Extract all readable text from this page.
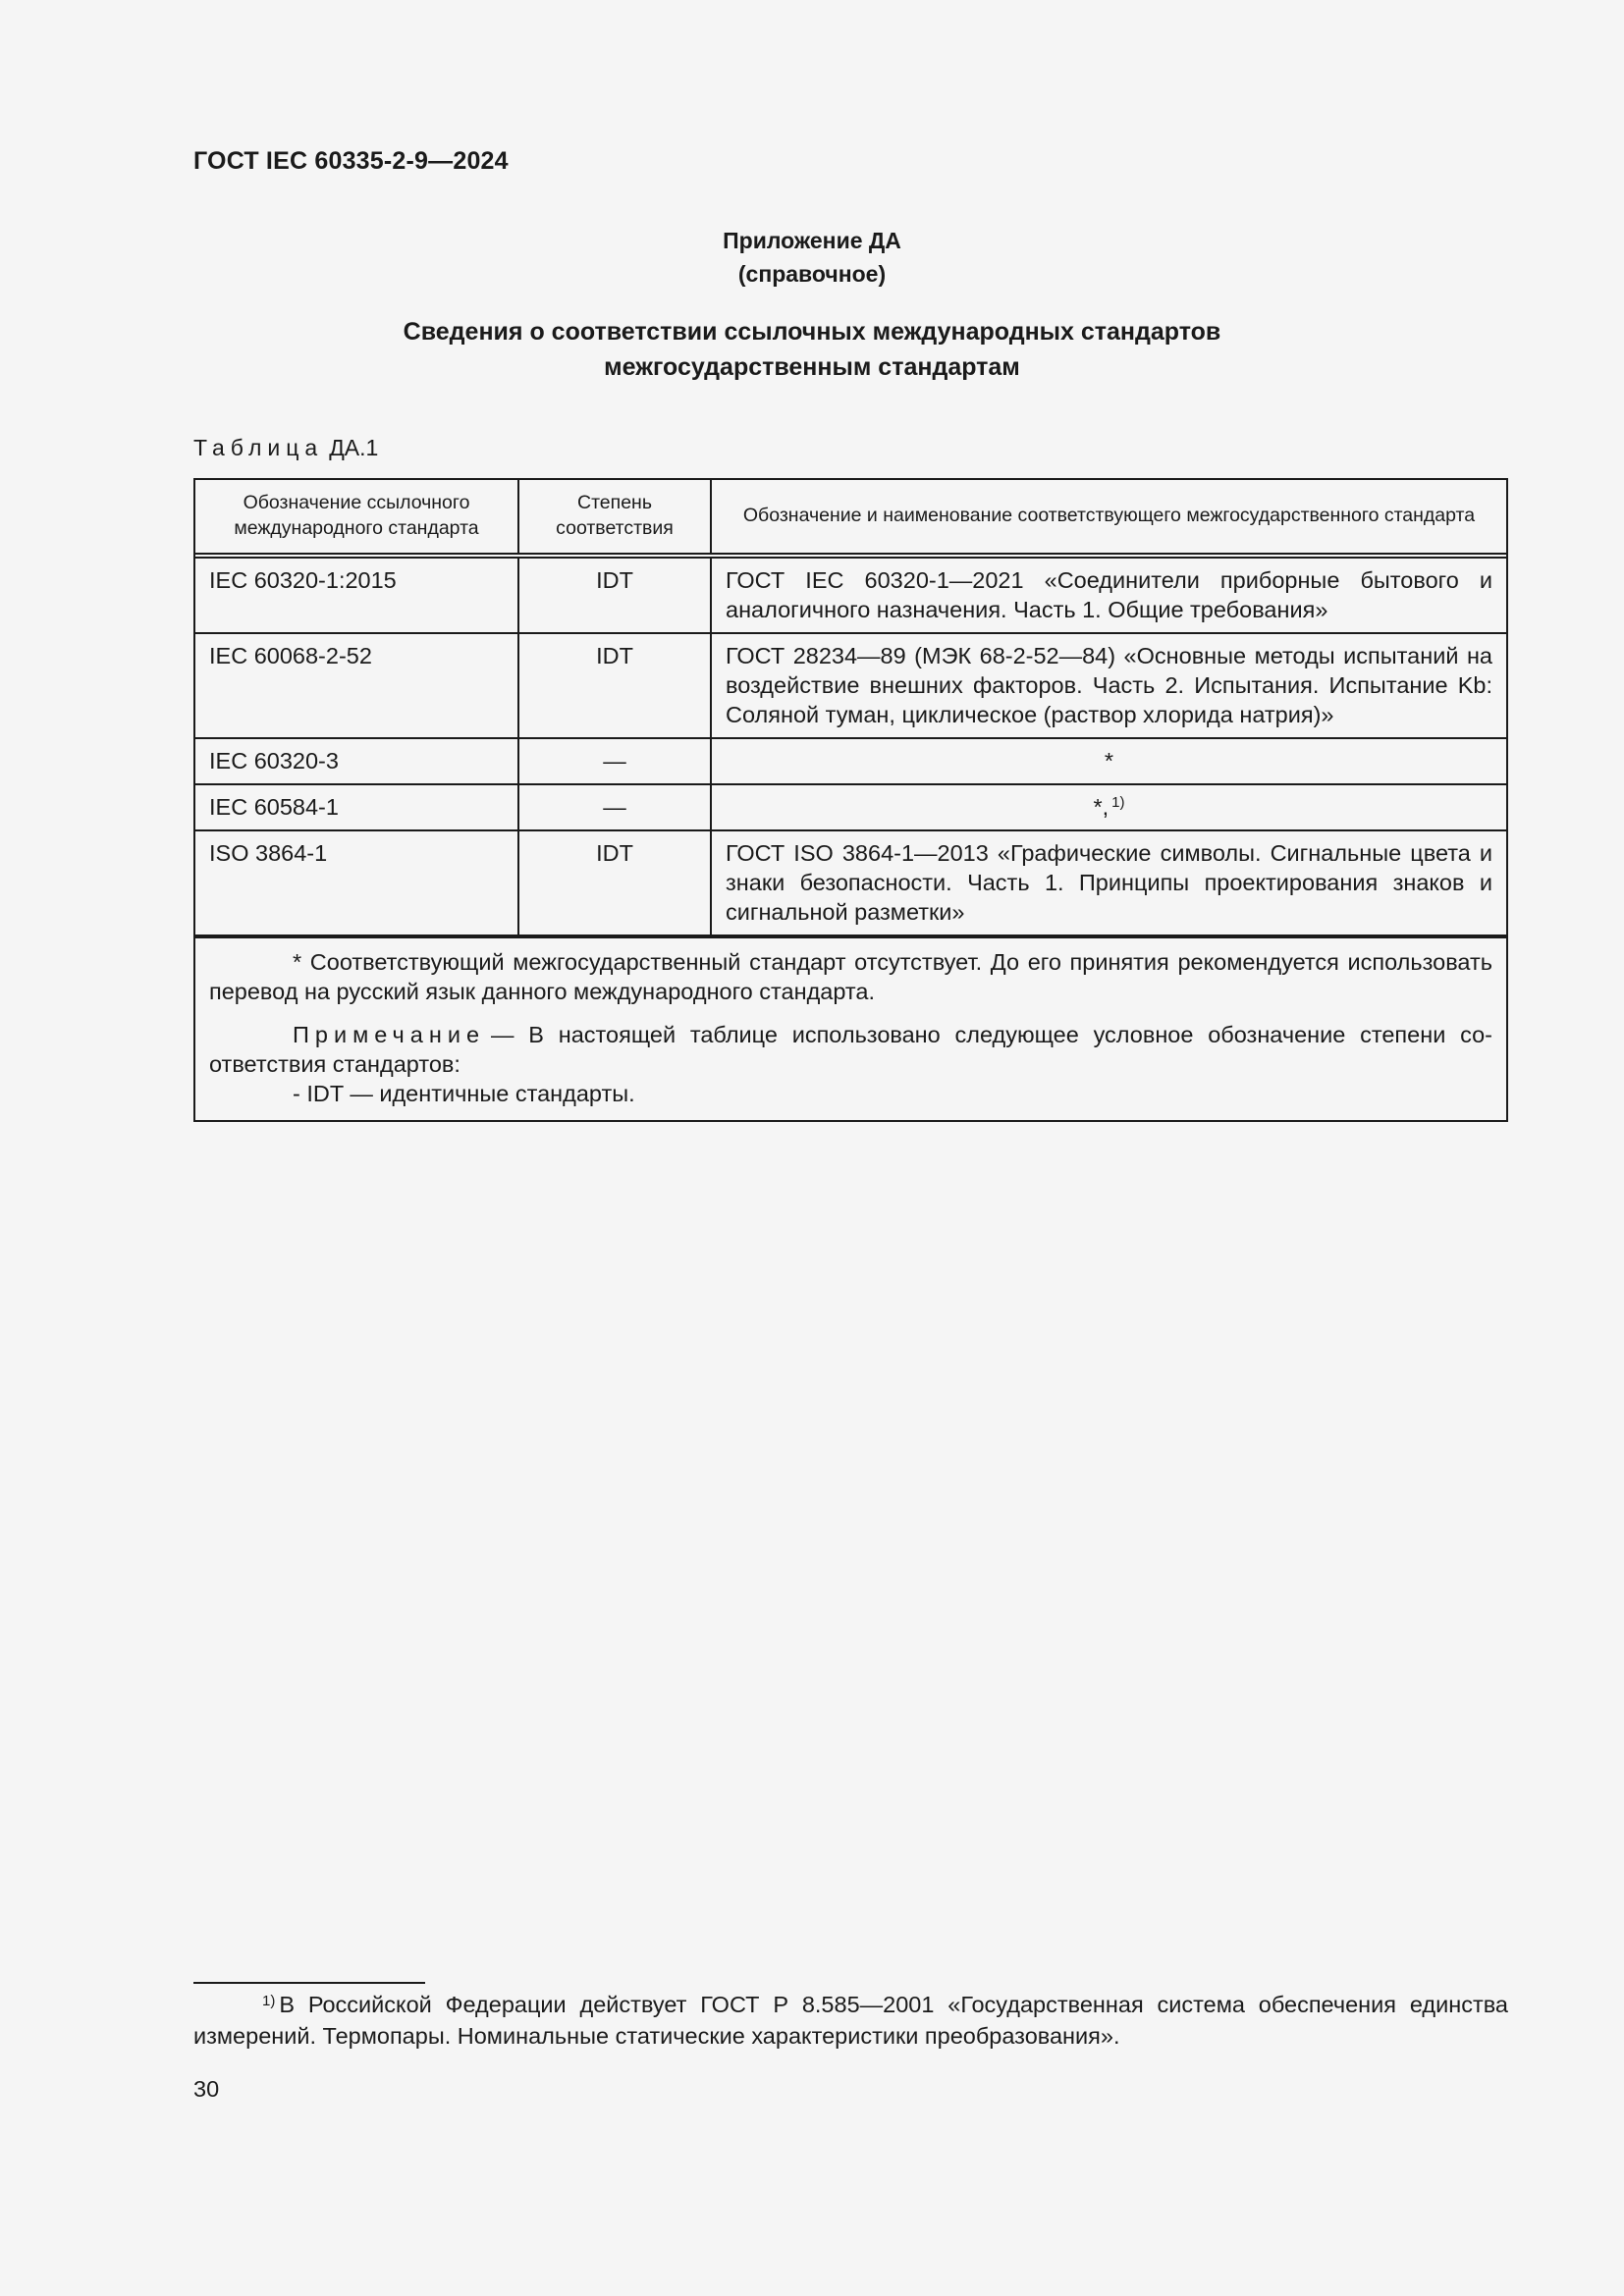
ГОСТ IEC 60335-2-9—2024
Приложение ДА
(справочное)
Сведения о соответствии ссылочных международных стандартов
межгосударственным стандартам
Таблица ДА.1
Обозначение ссылочного международного стандарта	Степень соответствия	Обозначение и наименование соответствующего межгосударственного стандарта
IEC 60320-1:2015	IDT	ГОСТ IEC 60320-1—2021 «Соединители приборные бытового и аналогичного назначения. Часть 1. Общие требования»
IEC 60068-2-52	IDT	ГОСТ 28234—89 (МЭК 68-2-52—84) «Основные методы испытаний на воздействие внешних факторов. Часть 2. Испытания. Испытание Kb: Соляной туман, циклическое (раствор хлорида натрия)»
IEC 60320-3	—	*
IEC 60584-1	—	*, $^{1)}$
ISO 3864-1	IDT	ГОСТ ISO 3864-1—2013 «Графические символы. Сигнальные цвета и знаки безопасности. Часть 1. Принципы проектирования знаков и сигнальной разметки»

* Соответствующий межгосударственный стандарт отсутствует. До его принятия рекомендуется использовать перевод на русский язык данного международного стандарта.

Примечание — В настоящей таблице использовано следующее условное обозначение степени соответствия стандартов:

- IDT — идентичные стандарты.

$^{1)}$ В Российской Федерации действует ГОСТ Р 8.585—2001 «Государственная система обеспечения единства измерений. Термопары. Номинальные статические характеристики преобразования».
30
